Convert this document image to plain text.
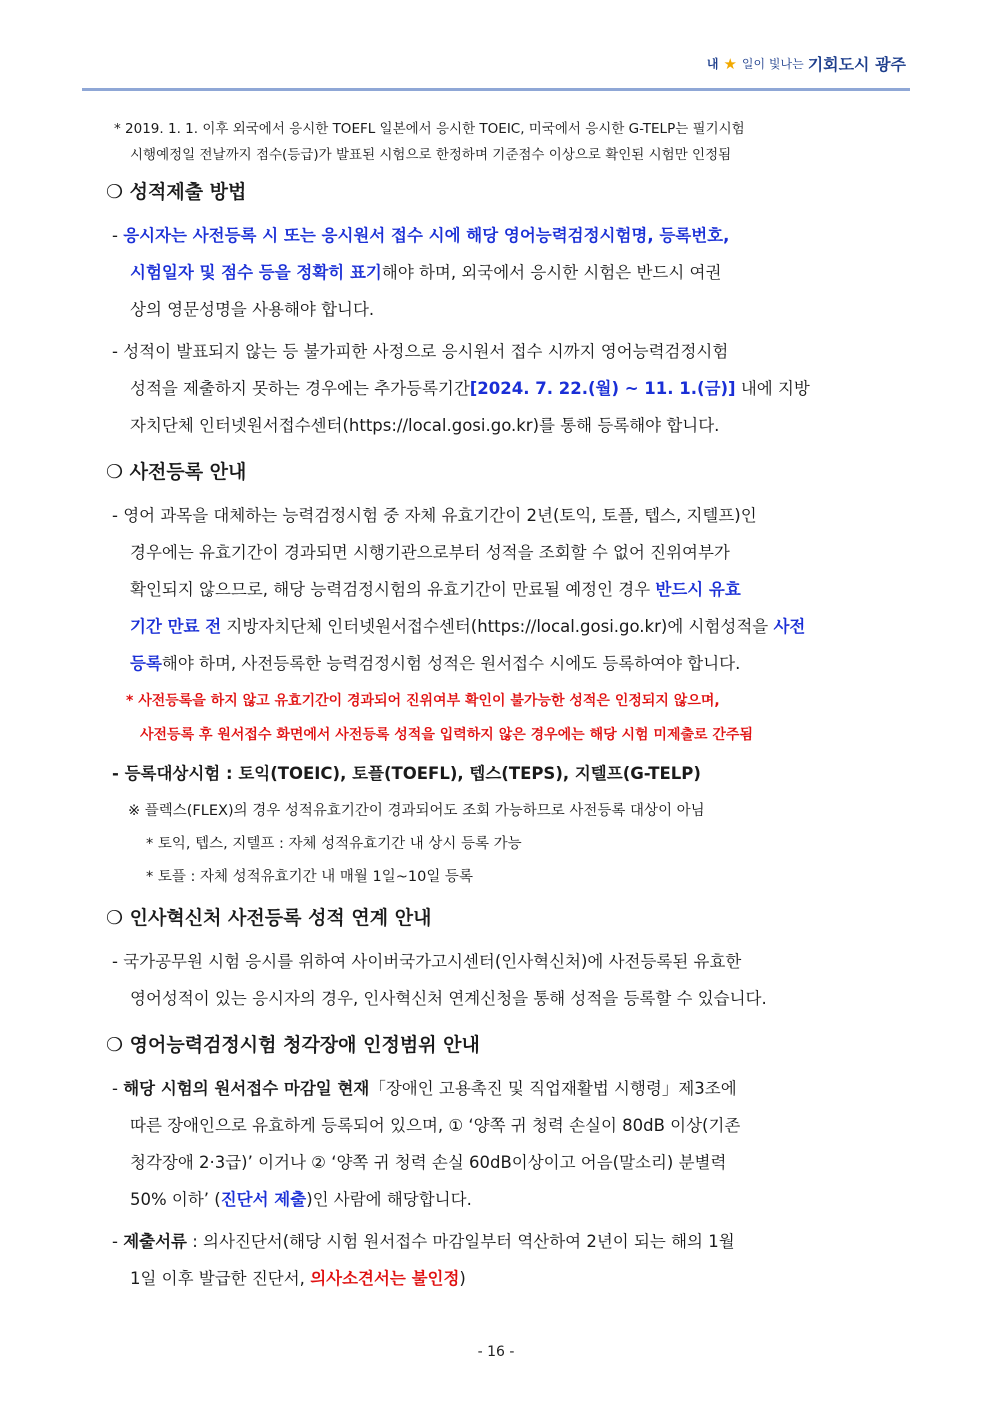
내 ★ 일이 빛나는 기회도시 광주
* 2019. 1. 1. 이후 외국에서 응시한 TOEFL 일본에서 응시한 TOEIC, 미국에서 응시한 G-TELP는 필기시험
시행예정일 전날까지 점수(등급)가 발표된 시험으로 한정하며 기준점수 이상으로 확인된 시험만 인정됨
❍ 성적제출 방법
- 응시자는 사전등록 시 또는 응시원서 접수 시에 해당 영어능력검정시험명, 등록번호,
시험일자 및 점수 등을 정확히 표기해야 하며, 외국에서 응시한 시험은 반드시 여권
상의 영문성명을 사용해야 합니다.
- 성적이 발표되지 않는 등 불가피한 사정으로 응시원서 접수 시까지 영어능력검정시험
성적을 제출하지 못하는 경우에는 추가등록기간[2024. 7. 22.(월) ~ 11. 1.(금)] 내에 지방
자치단체 인터넷원서접수센터(https://local.gosi.go.kr)를 통해 등록해야 합니다.
❍ 사전등록 안내
- 영어 과목을 대체하는 능력검정시험 중 자체 유효기간이 2년(토익, 토플, 텝스, 지텔프)인
경우에는 유효기간이 경과되면 시행기관으로부터 성적을 조회할 수 없어 진위여부가
확인되지 않으므로, 해당 능력검정시험의 유효기간이 만료될 예정인 경우 반드시 유효
기간 만료 전 지방자치단체 인터넷원서접수센터(https://local.gosi.go.kr)에 시험성적을 사전
등록해야 하며, 사전등록한 능력검정시험 성적은 원서접수 시에도 등록하여야 합니다.
* 사전등록을 하지 않고 유효기간이 경과되어 진위여부 확인이 불가능한 성적은 인정되지 않으며,
사전등록 후 원서접수 화면에서 사전등록 성적을 입력하지 않은 경우에는 해당 시험 미제출로 간주됨
- 등록대상시험 : 토익(TOEIC), 토플(TOEFL), 텝스(TEPS), 지텔프(G-TELP)
※ 플렉스(FLEX)의 경우 성적유효기간이 경과되어도 조회 가능하므로 사전등록 대상이 아님
* 토익, 텝스, 지텔프 : 자체 성적유효기간 내 상시 등록 가능
* 토플 : 자체 성적유효기간 내 매월 1일~10일 등록
❍ 인사혁신처 사전등록 성적 연계 안내
- 국가공무원 시험 응시를 위하여 사이버국가고시센터(인사혁신처)에 사전등록된 유효한
영어성적이 있는 응시자의 경우, 인사혁신처 연계신청을 통해 성적을 등록할 수 있습니다.
❍ 영어능력검정시험 청각장애 인정범위 안내
- 해당 시험의 원서접수 마감일 현재「장애인 고용촉진 및 직업재활법 시행령」제3조에
따른 장애인으로 유효하게 등록되어 있으며, ① ‘양쪽 귀 청력 손실이 80dB 이상(기존
청각장애 2·3급)’ 이거나 ② ‘양쪽 귀 청력 손실 60dB이상이고 어음(말소리) 분별력
50% 이하’ (진단서 제출)인 사람에 해당합니다.
- 제출서류 : 의사진단서(해당 시험 원서접수 마감일부터 역산하여 2년이 되는 해의 1월
1일 이후 발급한 진단서, 의사소견서는 불인정)
- 16 -
